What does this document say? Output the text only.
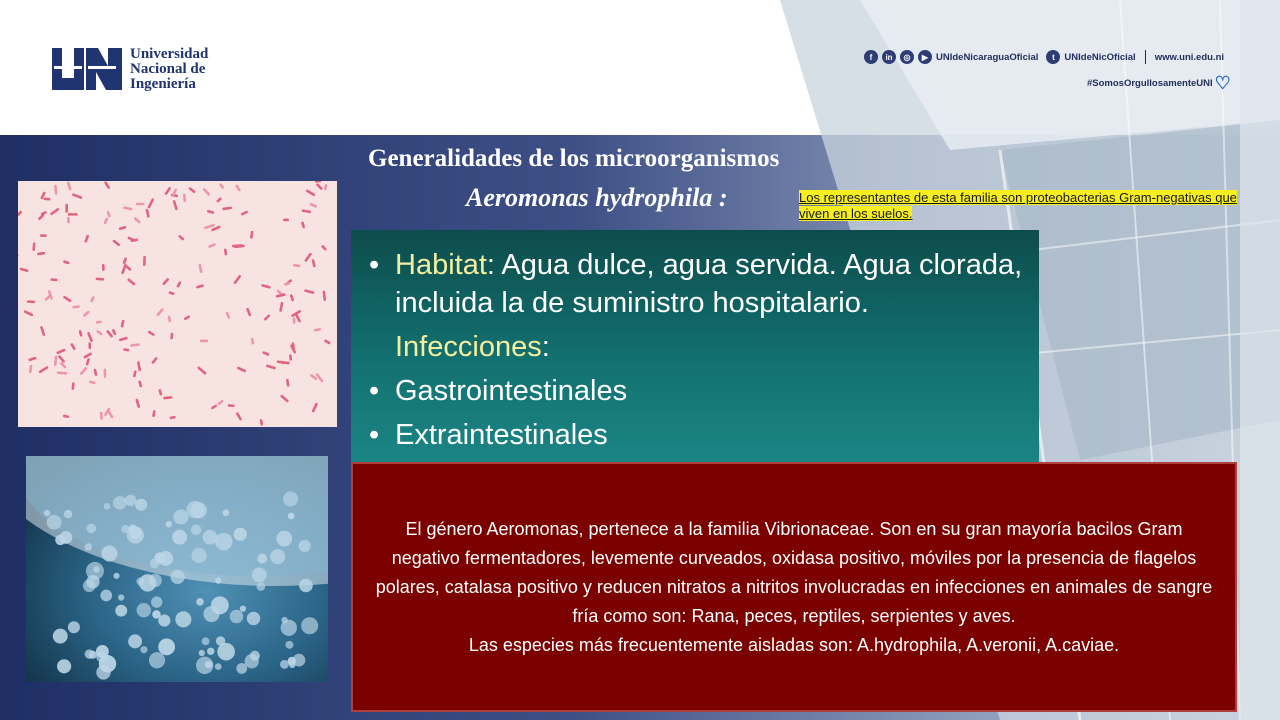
Universidad
Nacional de
Ingeniería
f	in	◎	▶ UNIdeNicaraguaOficial	t	UNIdeNicOficial www.uni.edu.ni
#SomosOrgullosamenteUNI ♡
Generalidades de los microorganismos
Aeromonas hydrophila :	Los representantes de esta familia son proteobacterias Gram-negativas que viven en los suelos.
• Habitat: Agua dulce, agua servida. Agua clorada, incluida la de suministro hospitalario.
Infecciones:
• Gastrointestinales
• Extraintestinales

El género Aeromonas, pertenece a la familia Vibrionaceae. Son en su gran mayoría bacilos Gram negativo fermentadores, levemente curveados, oxidasa positivo, móviles por la presencia de flagelos polares, catalasa positivo y reducen nitratos a nitritos involucradas en infecciones en animales de sangre fría como son: Rana, peces, reptiles, serpientes y aves.
Las especies más frecuentemente aisladas son: A.hydrophila, A.veronii, A.caviae.
